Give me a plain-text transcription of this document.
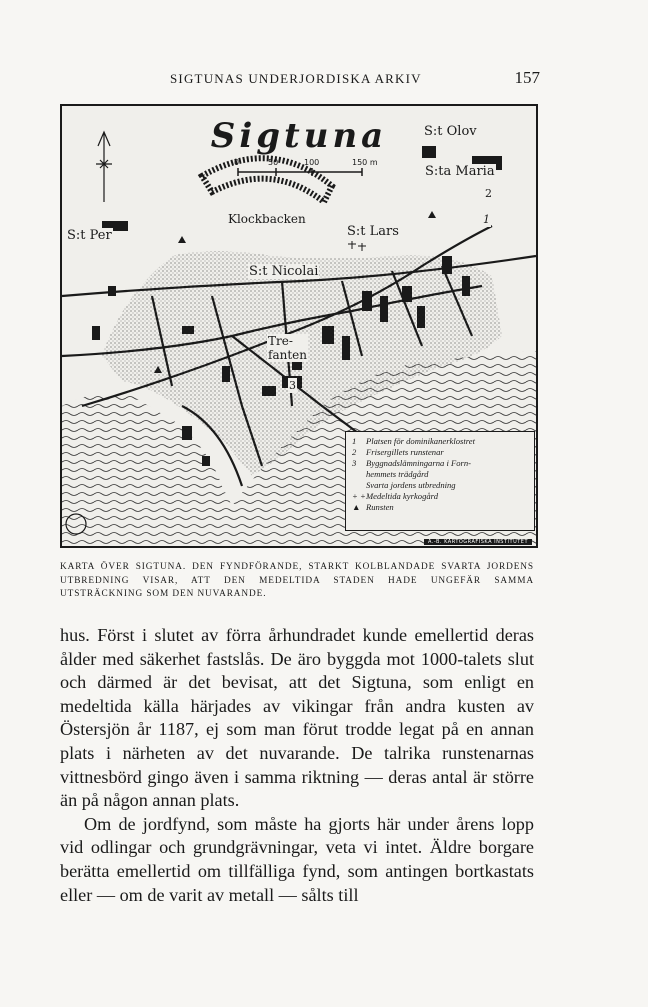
SIGTUNAS UNDERJORDISKA ARKIV	157
Sigtuna
0	50	100	150 m
S:t Olov
S:ta Maria
S:t Per
Klockbacken
S:t Lars
S:t Nicolai
Tre-
fanten
2
1
3
1	Platsen för dominikanerklostret
2	Frisergillets runstenar
3	Byggnadslämningarna i Forn-
hemmets trädgård
Svarta jordens utbredning
+ + Medeltida kyrkogård
▲ Runsten
A.-B. KARTOGRAFISKA INSTITUTET
KARTA ÖVER SIGTUNA. DEN FYNDFÖRANDE, STARKT KOLBLANDADE SVARTA JORDENS UTBREDNING VISAR, ATT DEN MEDELTIDA STADEN HADE UNGEFÄR SAMMA UTSTRÄCKNING SOM DEN NUVARANDE.

hus. Först i slutet av förra århundradet kunde emellertid deras ålder med säkerhet fastslås. De äro byggda mot 1000-talets slut och därmed är det bevisat, att det Sigtuna, som enligt en medeltida källa härjades av vikingar från andra kusten av Östersjön år 1187, ej som man förut trodde legat på en annan plats i närheten av det nuvarande. De talrika runstenarnas vittnesbörd gingo även i samma riktning — deras antal är större än på någon annan plats.

Om de jordfynd, som måste ha gjorts här under årens lopp vid odlingar och grundgrävningar, veta vi intet. Äldre borgare berätta emellertid om tillfälliga fynd, som antingen bortkastats eller — om de varit av metall — sålts till
